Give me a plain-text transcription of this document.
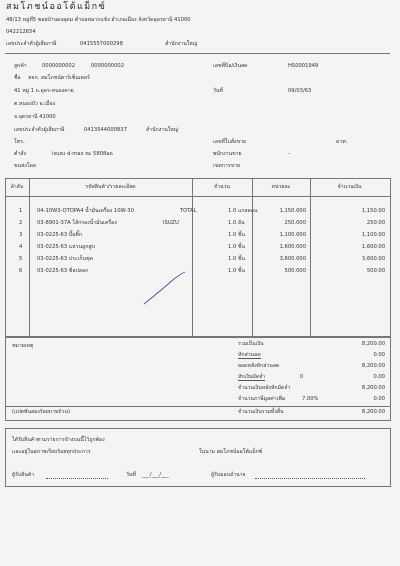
สมโภชน์ออโต้แม็กซ์
48/13 หมู่ที่5 ซอยบ้านดงอุดม ตำบลหมากแข้ง อำเภอเมือง จังหวัดอุดรธานี 41000
042212654
เลขประจำตัวผู้เสียภาษี	0415557000298	สำนักงานใหญ่
ลูกค้า	0000000002	0000000002
ชื่อ หจก. สมโภชน์คาร์เซ็นเตอร์
41 หมู่ 1 ถ.อุดร-หนองคาย
ต.หนองบัว อ.เมือง
จ.อุดรธานี 41000
เลขประจำตัวผู้เสียภาษี	0413544000837	สำนักงานใหญ่
โทร.
ตำสั่ง	isuzu d-max ทะ 5808อด
ขนส่งโดย
เลขที่บิล/เงินสด	HS0001949
วันที่	09/03/63
เลขที่ใบสั่งขาย	ดาท.
พนักงานขาย	-
เขตการขาย
ลำดับ	รหัสสินค้า/รายละเอียด	จำนวน	หน่วยละ	จำนวนเงิน
1	04-10W3-OTOPA4 น้ำมันเครื่อง 10W-30	TOTAL	1.0 แกลลอน	1,150.000	1,150.00
2	03-8901-37A ไส้กรองน้ำมันเครื่อง	ISUZU	1.0 อัน	250.000	250.00
3	03-0225-63 ปั๊มติ๊ก	1.0 ชิ้น	1,100.000	1,100.00
4	03-0225-63 แหวนลูกสูบ	1.0 ชิ้น	1,600.000	1,600.00
5	03-0225-63 ประเก็นชุด	1.0 ชิ้น	3,600.000	3,600.00
6	03-0225-63 ซีลปลอก	1.0 ชิ้น	500.000	500.00
หมายเหตุ	รวมเป็นเงิน	8,200.00
หักส่วนลด	0.00
ยอดหลังหักส่วนลด	8,200.00
หักเงินมัดจำ	0	0.00
จำนวนเงินหลังหักมัดจำ	8,200.00
จำนวนภาษีมูลค่าเพิ่ม	7.00%	0.00
(แปดพันสองร้อยบาทถ้วน)	จำนวนเงินรวมทั้งสิ้น	8,200.00
ได้รับสินค้าตามรายการข้างบนนี้ไว้ถูกต้อง
และอยู่ในสภาพเรียบร้อยทุกประการ	ในนาม สมโภชน์ออโต้แม็กซ์
ผู้รับสินค้า	วันที่ ___/___/___	ผู้รับมอบอำนาจ
